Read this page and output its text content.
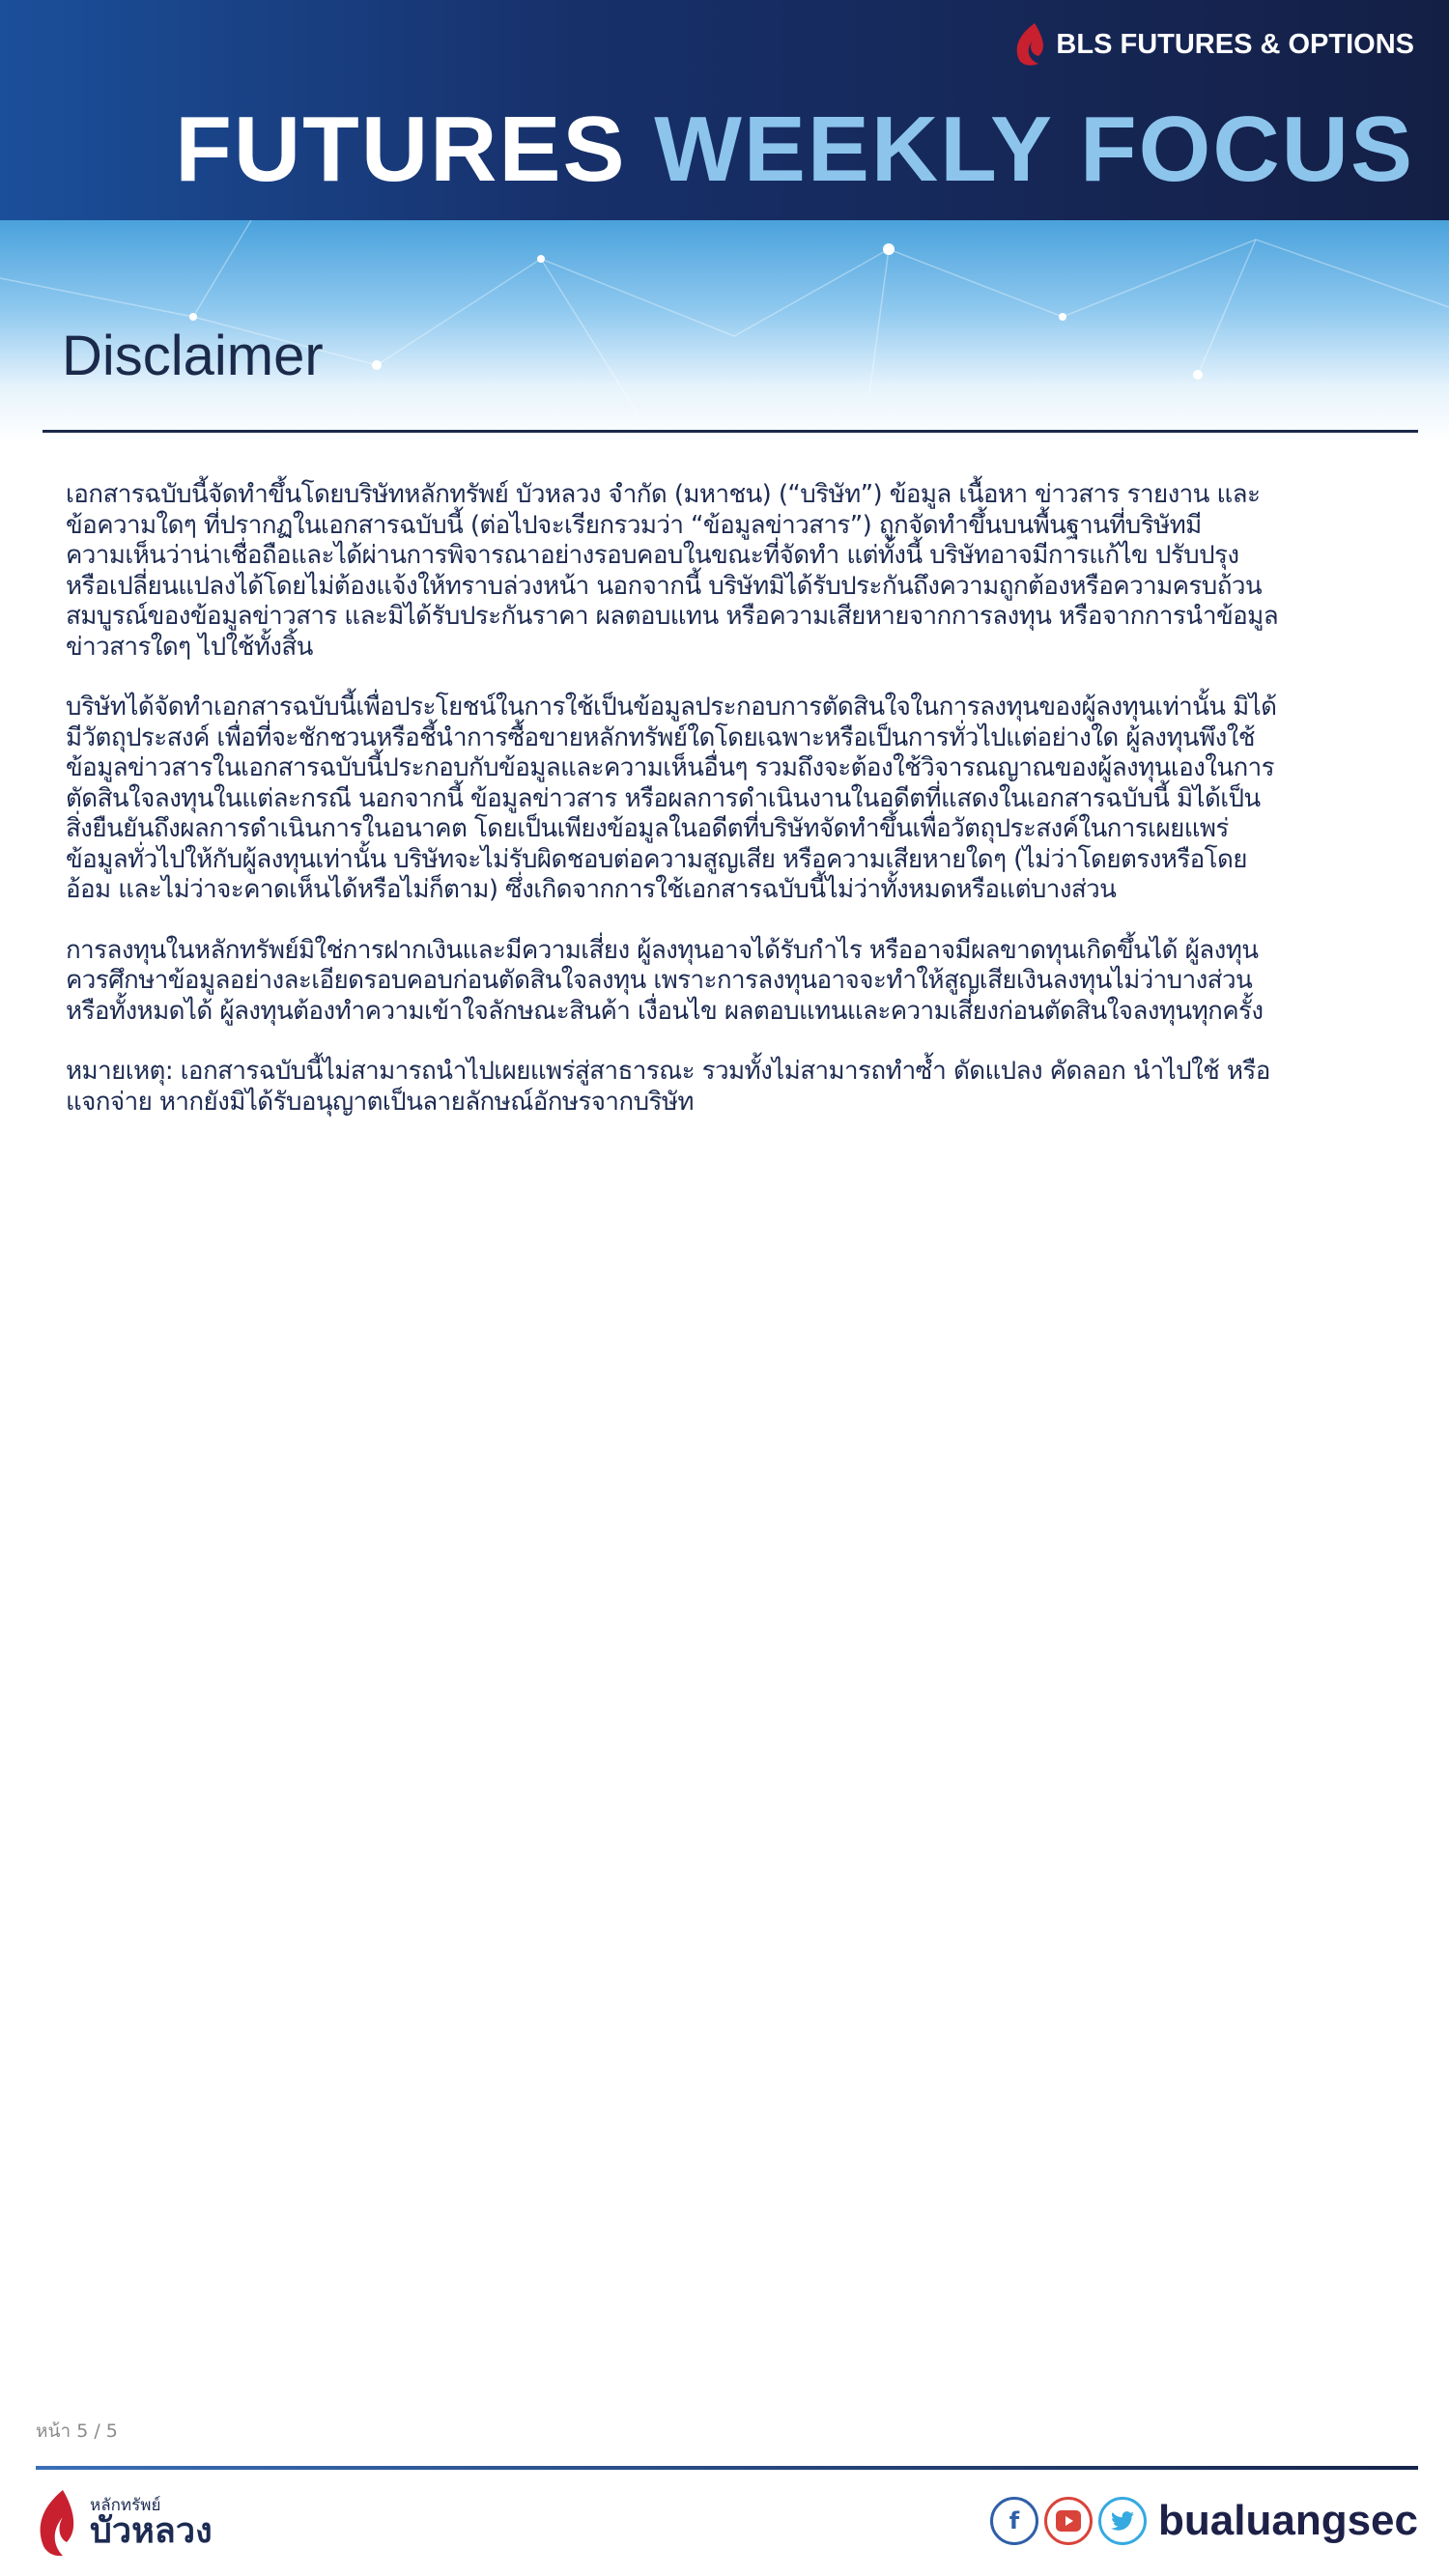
BLS FUTURES & OPTIONS
FUTURES WEEKLY FOCUS
Disclaimer

เอกสารฉบับนี้จัดทำขึ้นโดยบริษัทหลักทรัพย์ บัวหลวง จำกัด (มหาชน) (“บริษัท”) ข้อมูล เนื้อหา ข่าวสาร รายงาน และ
ข้อความใดๆ ที่ปรากฏในเอกสารฉบับนี้ (ต่อไปจะเรียกรวมว่า “ข้อมูลข่าวสาร”) ถูกจัดทำขึ้นบนพื้นฐานที่บริษัทมี
ความเห็นว่าน่าเชื่อถือและได้ผ่านการพิจารณาอย่างรอบคอบในขณะที่จัดทำ แต่ทั้งนี้ บริษัทอาจมีการแก้ไข ปรับปรุง
หรือเปลี่ยนแปลงได้โดยไม่ต้องแจ้งให้ทราบล่วงหน้า นอกจากนี้ บริษัทมิได้รับประกันถึงความถูกต้องหรือความครบถ้วน
สมบูรณ์ของข้อมูลข่าวสาร และมิได้รับประกันราคา ผลตอบแทน หรือความเสียหายจากการลงทุน หรือจากการนำข้อมูล
ข่าวสารใดๆ ไปใช้ทั้งสิ้น

บริษัทได้จัดทำเอกสารฉบับนี้เพื่อประโยชน์ในการใช้เป็นข้อมูลประกอบการตัดสินใจในการลงทุนของผู้ลงทุนเท่านั้น มิได้
มีวัตถุประสงค์ เพื่อที่จะชักชวนหรือชี้นำการซื้อขายหลักทรัพย์ใดโดยเฉพาะหรือเป็นการทั่วไปแต่อย่างใด ผู้ลงทุนพึงใช้
ข้อมูลข่าวสารในเอกสารฉบับนี้ประกอบกับข้อมูลและความเห็นอื่นๆ รวมถึงจะต้องใช้วิจารณญาณของผู้ลงทุนเองในการ
ตัดสินใจลงทุนในแต่ละกรณี นอกจากนี้ ข้อมูลข่าวสาร หรือผลการดำเนินงานในอดีตที่แสดงในเอกสารฉบับนี้ มิได้เป็น
สิ่งยืนยันถึงผลการดำเนินการในอนาคต โดยเป็นเพียงข้อมูลในอดีตที่บริษัทจัดทำขึ้นเพื่อวัตถุประสงค์ในการเผยแพร่
ข้อมูลทั่วไปให้กับผู้ลงทุนเท่านั้น บริษัทจะไม่รับผิดชอบต่อความสูญเสีย หรือความเสียหายใดๆ (ไม่ว่าโดยตรงหรือโดย
อ้อม และไม่ว่าจะคาดเห็นได้หรือไม่ก็ตาม) ซึ่งเกิดจากการใช้เอกสารฉบับนี้ไม่ว่าทั้งหมดหรือแต่บางส่วน

การลงทุนในหลักทรัพย์มิใช่การฝากเงินและมีความเสี่ยง ผู้ลงทุนอาจได้รับกำไร หรืออาจมีผลขาดทุนเกิดขึ้นได้ ผู้ลงทุน
ควรศึกษาข้อมูลอย่างละเอียดรอบคอบก่อนตัดสินใจลงทุน เพราะการลงทุนอาจจะทำให้สูญเสียเงินลงทุนไม่ว่าบางส่วน
หรือทั้งหมดได้ ผู้ลงทุนต้องทำความเข้าใจลักษณะสินค้า เงื่อนไข ผลตอบแทนและความเสี่ยงก่อนตัดสินใจลงทุนทุกครั้ง

หมายเหตุ: เอกสารฉบับนี้ไม่สามารถนำไปเผยแพร่สู่สาธารณะ รวมทั้งไม่สามารถทำซ้ำ ดัดแปลง คัดลอก นำไปใช้ หรือ
แจกจ่าย หากยังมิได้รับอนุญาตเป็นลายลักษณ์อักษรจากบริษัท

หน้า 5 / 5
หลักทรัพย์
บัวหลวง	f	bualuangsec
